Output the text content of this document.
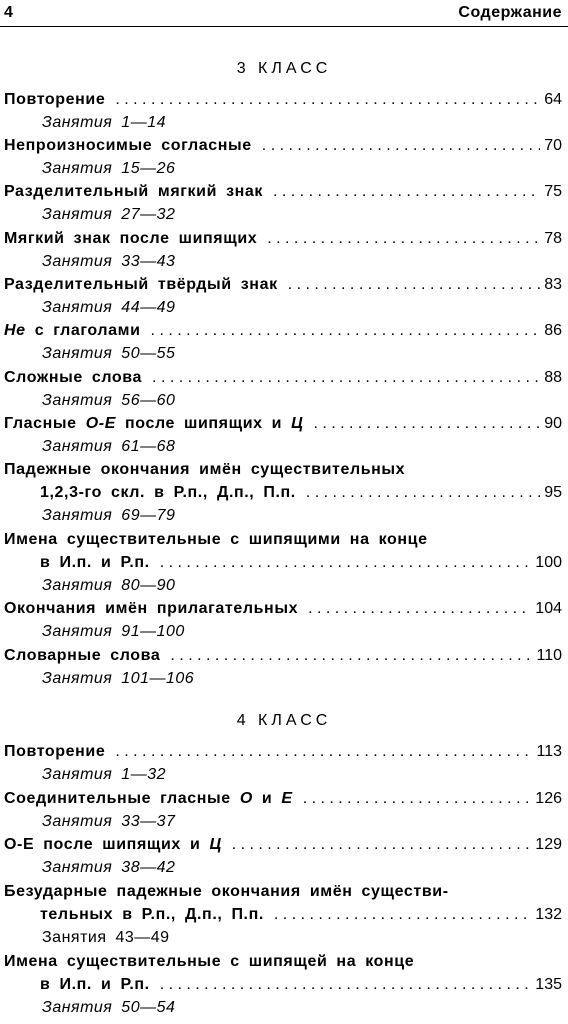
4	Содержание
3 КЛАСС
Повторение . . .	64
Занятия 1—14
Непроизносимые согласные . . .	70
Занятия 15—26
Разделительный мягкий знак . . .	75
Занятия 27—32
Мягкий знак после шипящих . . .	78
Занятия 33—43
Разделительный твёрдый знак . . .	83
Занятия 44—49
Не с глаголами . . .	86
Занятия 50—55
Сложные слова . . .	88
Занятия 56—60
Гласные О-Е после шипящих и Ц . . .	90
Занятия 61—68
Падежные окончания имён существительных
1,2,3-го скл. в Р.п., Д.п., П.п. . . .	95
Занятия 69—79
Имена существительные с шипящими на конце
в И.п. и Р.п. . . .	100
Занятия 80—90
Окончания имён прилагательных . . .	104
Занятия 91—100
Словарные слова . . .	110
Занятия 101—106
4 КЛАСС
Повторение . . .	113
Занятия 1—32
Соединительные гласные О и Е . . .	126
Занятия 33—37
О-Е после шипящих и Ц . . .	129
Занятия 38—42
Безударные падежные окончания имён существи-
тельных в Р.п., Д.п., П.п. . . .	132
Занятия 43—49
Имена существительные с шипящей на конце
в И.п. и Р.п. . . .	135
Занятия 50—54
